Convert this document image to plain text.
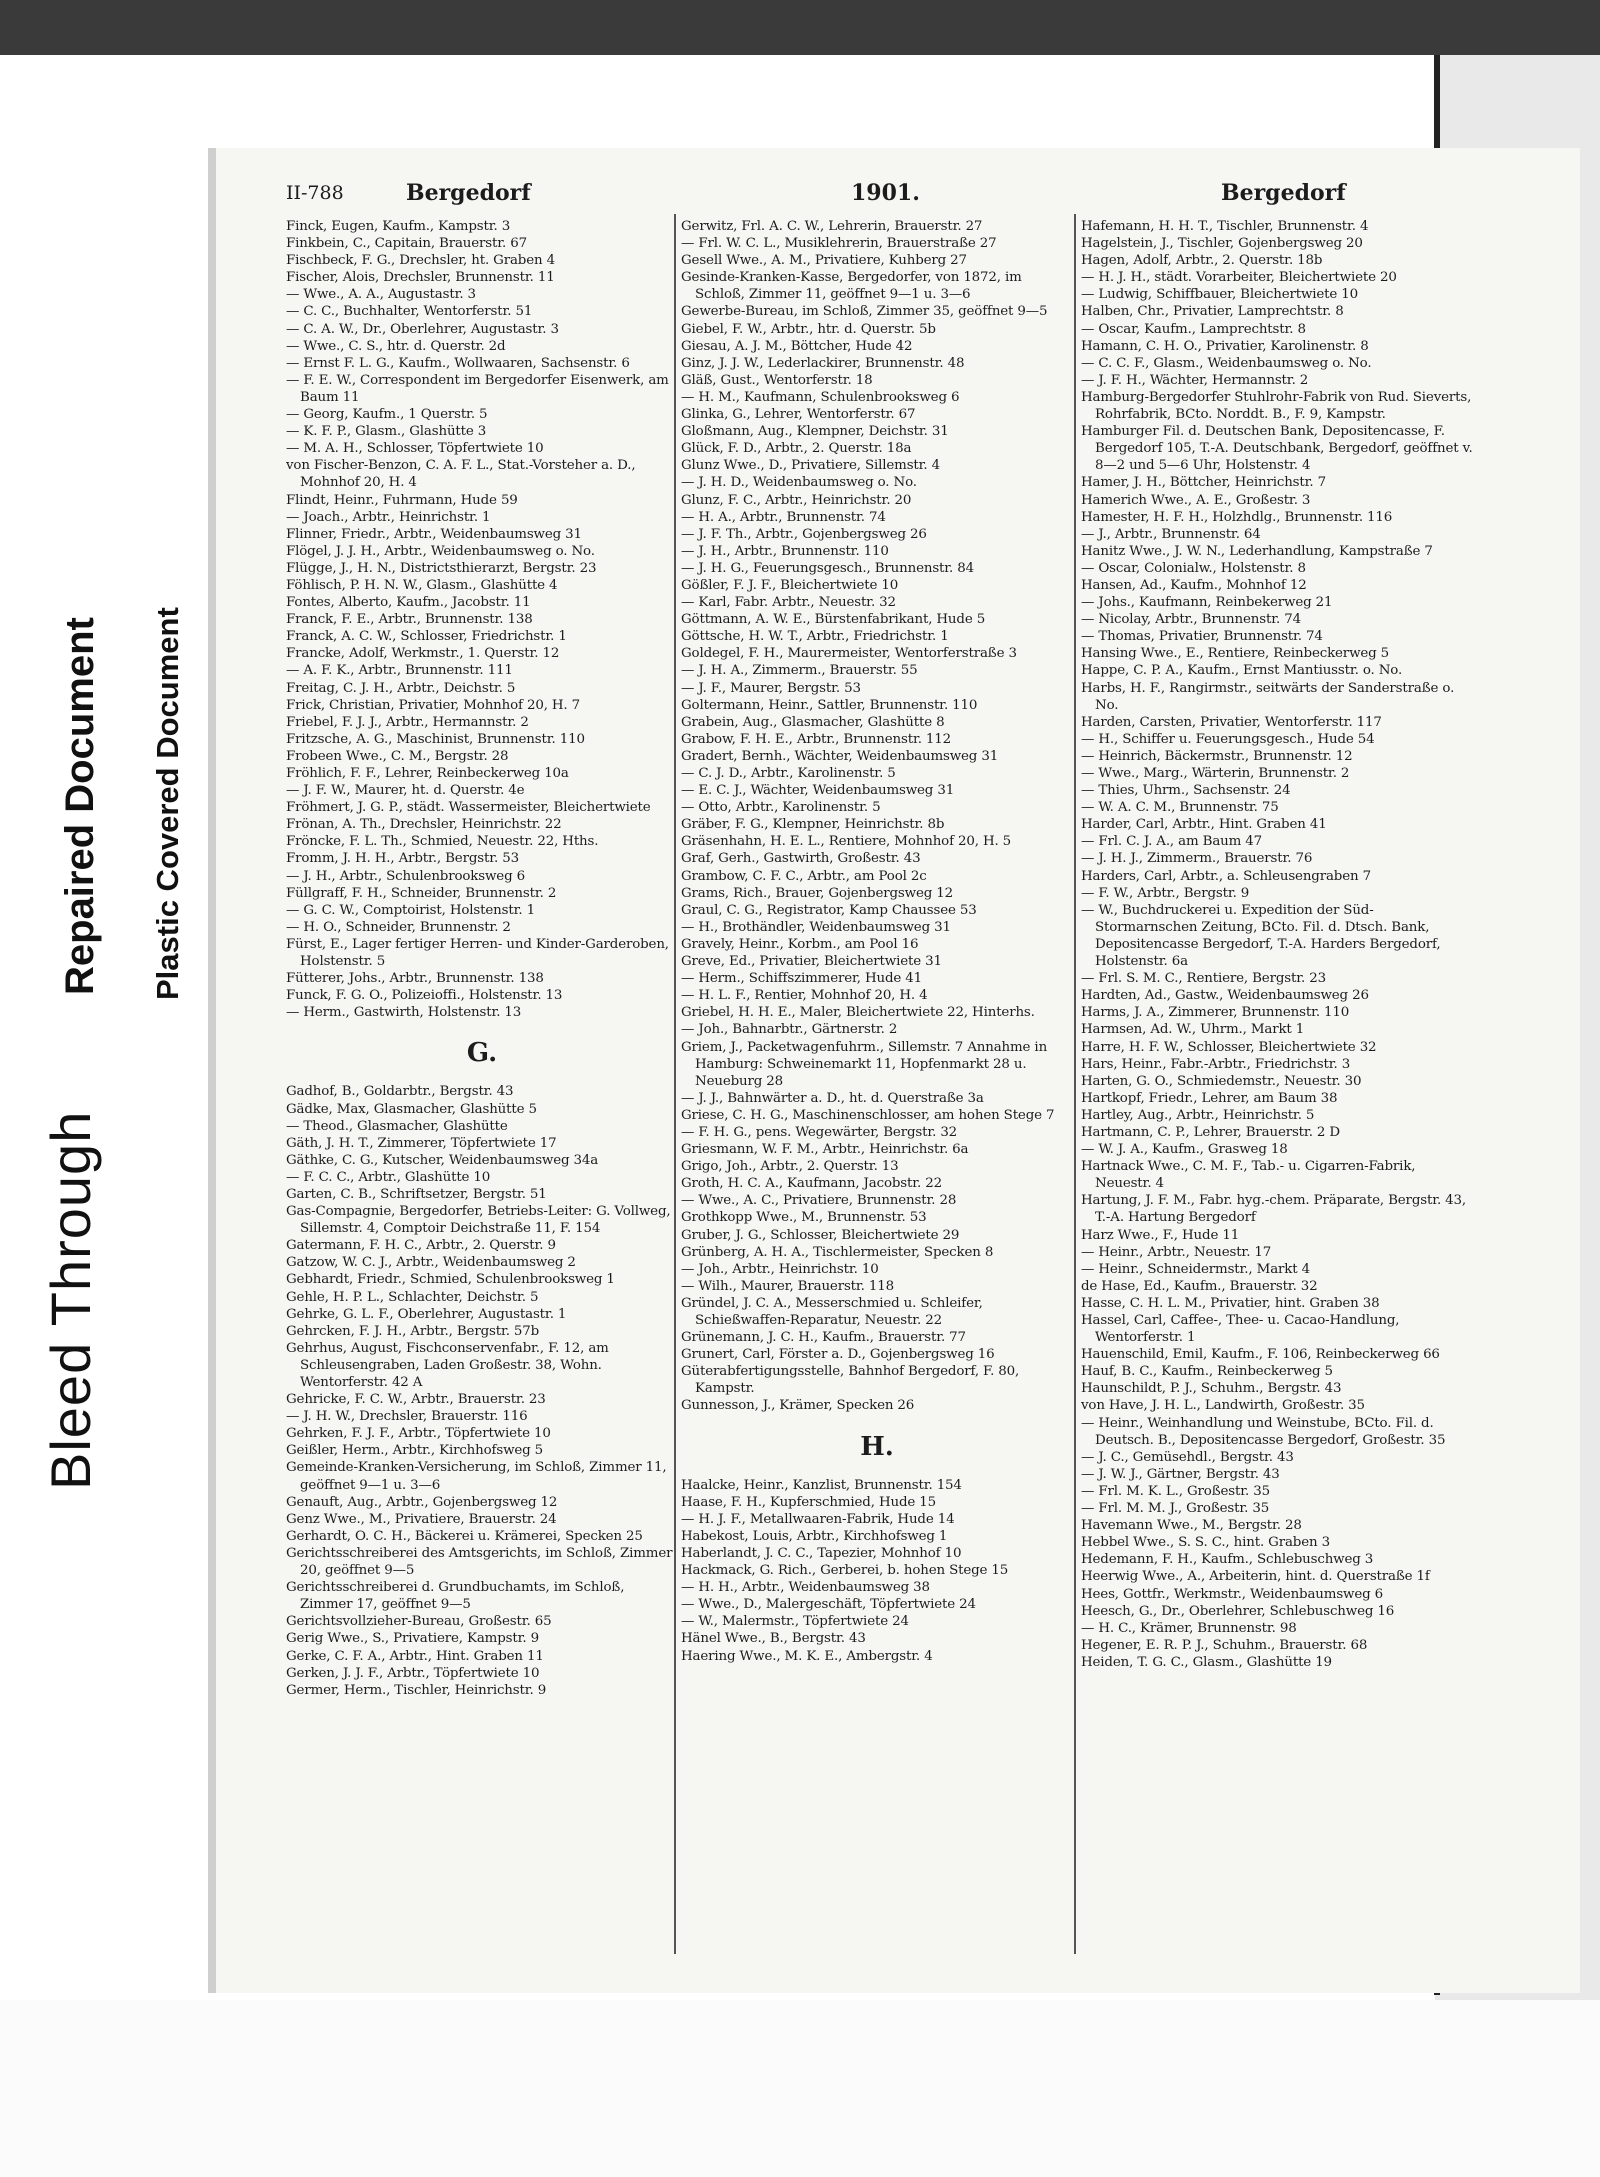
Bleed Through
Repaired Document Plastic Covered Document
II-788	Bergedorf	1901.	Bergedorf
Finck, Eugen, Kaufm., Kampstr. 3
Finkbein, C., Capitain, Brauerstr. 67
Fischbeck, F. G., Drechsler, ht. Graben 4
Fischer, Alois, Drechsler, Brunnenstr. 11
— Wwe., A. A., Augustastr. 3
— C. C., Buchhalter, Wentorferstr. 51
— C. A. W., Dr., Oberlehrer, Augustastr. 3
— Wwe., C. S., htr. d. Querstr. 2d
— Ernst F. L. G., Kaufm., Wollwaaren, Sachsenstr. 6
— F. E. W., Correspondent im Bergedorfer Eisenwerk, am Baum 11
— Georg, Kaufm., 1 Querstr. 5
— K. F. P., Glasm., Glashütte 3
— M. A. H., Schlosser, Töpfertwiete 10
von Fischer-Benzon, C. A. F. L., Stat.-Vorsteher a. D., Mohnhof 20, H. 4
Flindt, Heinr., Fuhrmann, Hude 59
— Joach., Arbtr., Heinrichstr. 1
Flinner, Friedr., Arbtr., Weidenbaumsweg 31
Flögel, J. J. H., Arbtr., Weidenbaumsweg o. No.
Flügge, J., H. N., Districtsthierarzt, Bergstr. 23
Föhlisch, P. H. N. W., Glasm., Glashütte 4
Fontes, Alberto, Kaufm., Jacobstr. 11
Franck, F. E., Arbtr., Brunnenstr. 138
Franck, A. C. W., Schlosser, Friedrichstr. 1
Francke, Adolf, Werkmstr., 1. Querstr. 12
— A. F. K., Arbtr., Brunnenstr. 111
Freitag, C. J. H., Arbtr., Deichstr. 5
Frick, Christian, Privatier, Mohnhof 20, H. 7
Friebel, F. J. J., Arbtr., Hermannstr. 2
Fritzsche, A. G., Maschinist, Brunnenstr. 110
Frobeen Wwe., C. M., Bergstr. 28
Fröhlich, F. F., Lehrer, Reinbeckerweg 10a
— J. F. W., Maurer, ht. d. Querstr. 4e
Fröhmert, J. G. P., städt. Wassermeister, Bleichertwiete
Frönan, A. Th., Drechsler, Heinrichstr. 22
Fröncke, F. L. Th., Schmied, Neuestr. 22, Hths.
Fromm, J. H. H., Arbtr., Bergstr. 53
— J. H., Arbtr., Schulenbrooksweg 6
Füllgraff, F. H., Schneider, Brunnenstr. 2
— G. C. W., Comptoirist, Holstenstr. 1
— H. O., Schneider, Brunnenstr. 2
Fürst, E., Lager fertiger Herren- und Kinder-Garderoben, Holstenstr. 5
Fütterer, Johs., Arbtr., Brunnenstr. 138
Funck, F. G. O., Polizeioffi., Holstenstr. 13
— Herm., Gastwirth, Holstenstr. 13
G.
Gadhof, B., Goldarbtr., Bergstr. 43
Gädke, Max, Glasmacher, Glashütte 5
— Theod., Glasmacher, Glashütte
Gäth, J. H. T., Zimmerer, Töpfertwiete 17
Gäthke, C. G., Kutscher, Weidenbaumsweg 34a
— F. C. C., Arbtr., Glashütte 10
Garten, C. B., Schriftsetzer, Bergstr. 51
Gas-Compagnie, Bergedorfer, Betriebs-Leiter: G. Vollweg, Sillemstr. 4, Comptoir Deichstraße 11, F. 154
Gatermann, F. H. C., Arbtr., 2. Querstr. 9
Gatzow, W. C. J., Arbtr., Weidenbaumsweg 2
Gebhardt, Friedr., Schmied, Schulenbrooksweg 1
Gehle, H. P. L., Schlachter, Deichstr. 5
Gehrke, G. L. F., Oberlehrer, Augustastr. 1
Gehrcken, F. J. H., Arbtr., Bergstr. 57b
Gehrhus, August, Fischconservenfabr., F. 12, am Schleusengraben, Laden Großestr. 38, Wohn. Wentorferstr. 42 A
Gehricke, F. C. W., Arbtr., Brauerstr. 23
— J. H. W., Drechsler, Brauerstr. 116
Gehrken, F. J. F., Arbtr., Töpfertwiete 10
Geißler, Herm., Arbtr., Kirchhofsweg 5
Gemeinde-Kranken-Versicherung, im Schloß, Zimmer 11, geöffnet 9—1 u. 3—6
Genauft, Aug., Arbtr., Gojenbergsweg 12
Genz Wwe., M., Privatiere, Brauerstr. 24
Gerhardt, O. C. H., Bäckerei u. Krämerei, Specken 25
Gerichtsschreiberei des Amtsgerichts, im Schloß, Zimmer 20, geöffnet 9—5
Gerichtsschreiberei d. Grundbuchamts, im Schloß, Zimmer 17, geöffnet 9—5
Gerichtsvollzieher-Bureau, Großestr. 65
Gerig Wwe., S., Privatiere, Kampstr. 9
Gerke, C. F. A., Arbtr., Hint. Graben 11
Gerken, J. J. F., Arbtr., Töpfertwiete 10
Germer, Herm., Tischler, Heinrichstr. 9
Gerwitz, Frl. A. C. W., Lehrerin, Brauerstr. 27
— Frl. W. C. L., Musiklehrerin, Brauerstraße 27
Gesell Wwe., A. M., Privatiere, Kuhberg 27
Gesinde-Kranken-Kasse, Bergedorfer, von 1872, im Schloß, Zimmer 11, geöffnet 9—1 u. 3—6
Gewerbe-Bureau, im Schloß, Zimmer 35, geöffnet 9—5
Giebel, F. W., Arbtr., htr. d. Querstr. 5b
Giesau, A. J. M., Böttcher, Hude 42
Ginz, J. J. W., Lederlackirer, Brunnenstr. 48
Gläß, Gust., Wentorferstr. 18
— H. M., Kaufmann, Schulenbrooksweg 6
Glinka, G., Lehrer, Wentorferstr. 67
Gloßmann, Aug., Klempner, Deichstr. 31
Glück, F. D., Arbtr., 2. Querstr. 18a
Glunz Wwe., D., Privatiere, Sillemstr. 4
— J. H. D., Weidenbaumsweg o. No.
Glunz, F. C., Arbtr., Heinrichstr. 20
— H. A., Arbtr., Brunnenstr. 74
— J. F. Th., Arbtr., Gojenbergsweg 26
— J. H., Arbtr., Brunnenstr. 110
— J. H. G., Feuerungsgesch., Brunnenstr. 84
Gößler, F. J. F., Bleichertwiete 10
— Karl, Fabr. Arbtr., Neuestr. 32
Göttmann, A. W. E., Bürstenfabrikant, Hude 5
Göttsche, H. W. T., Arbtr., Friedrichstr. 1
Goldegel, F. H., Maurermeister, Wentorferstraße 3
— J. H. A., Zimmerm., Brauerstr. 55
— J. F., Maurer, Bergstr. 53
Goltermann, Heinr., Sattler, Brunnenstr. 110
Grabein, Aug., Glasmacher, Glashütte 8
Grabow, F. H. E., Arbtr., Brunnenstr. 112
Gradert, Bernh., Wächter, Weidenbaumsweg 31
— C. J. D., Arbtr., Karolinenstr. 5
— E. C. J., Wächter, Weidenbaumsweg 31
— Otto, Arbtr., Karolinenstr. 5
Gräber, F. G., Klempner, Heinrichstr. 8b
Gräsenhahn, H. E. L., Rentiere, Mohnhof 20, H. 5
Graf, Gerh., Gastwirth, Großestr. 43
Grambow, C. F. C., Arbtr., am Pool 2c
Grams, Rich., Brauer, Gojenbergsweg 12
Graul, C. G., Registrator, Kamp Chaussee 53
— H., Brothändler, Weidenbaumsweg 31
Gravely, Heinr., Korbm., am Pool 16
Greve, Ed., Privatier, Bleichertwiete 31
— Herm., Schiffszimmerer, Hude 41
— H. L. F., Rentier, Mohnhof 20, H. 4
Griebel, H. H. E., Maler, Bleichertwiete 22, Hinterhs.
— Joh., Bahnarbtr., Gärtnerstr. 2
Griem, J., Packetwagenfuhrm., Sillemstr. 7 Annahme in Hamburg: Schweinemarkt 11, Hopfenmarkt 28 u. Neueburg 28
— J. J., Bahnwärter a. D., ht. d. Querstraße 3a
Griese, C. H. G., Maschinenschlosser, am hohen Stege 7
— F. H. G., pens. Wegewärter, Bergstr. 32
Griesmann, W. F. M., Arbtr., Heinrichstr. 6a
Grigo, Joh., Arbtr., 2. Querstr. 13
Groth, H. C. A., Kaufmann, Jacobstr. 22
— Wwe., A. C., Privatiere, Brunnenstr. 28
Grothkopp Wwe., M., Brunnenstr. 53
Gruber, J. G., Schlosser, Bleichertwiete 29
Grünberg, A. H. A., Tischlermeister, Specken 8
— Joh., Arbtr., Heinrichstr. 10
— Wilh., Maurer, Brauerstr. 118
Gründel, J. C. A., Messerschmied u. Schleifer, Schießwaffen-Reparatur, Neuestr. 22
Grünemann, J. C. H., Kaufm., Brauerstr. 77
Grunert, Carl, Förster a. D., Gojenbergsweg 16
Güterabfertigungsstelle, Bahnhof Bergedorf, F. 80, Kampstr.
Gunnesson, J., Krämer, Specken 26
H.
Haalcke, Heinr., Kanzlist, Brunnenstr. 154
Haase, F. H., Kupferschmied, Hude 15
— H. J. F., Metallwaaren-Fabrik, Hude 14
Habekost, Louis, Arbtr., Kirchhofsweg 1
Haberlandt, J. C. C., Tapezier, Mohnhof 10
Hackmack, G. Rich., Gerberei, b. hohen Stege 15
— H. H., Arbtr., Weidenbaumsweg 38
— Wwe., D., Malergeschäft, Töpfertwiete 24
— W., Malermstr., Töpfertwiete 24
Hänel Wwe., B., Bergstr. 43
Haering Wwe., M. K. E., Ambergstr. 4
Hafemann, H. H. T., Tischler, Brunnenstr. 4
Hagelstein, J., Tischler, Gojenbergsweg 20
Hagen, Adolf, Arbtr., 2. Querstr. 18b
— H. J. H., städt. Vorarbeiter, Bleichertwiete 20
— Ludwig, Schiffbauer, Bleichertwiete 10
Halben, Chr., Privatier, Lamprechtstr. 8
— Oscar, Kaufm., Lamprechtstr. 8
Hamann, C. H. O., Privatier, Karolinenstr. 8
— C. C. F., Glasm., Weidenbaumsweg o. No.
— J. F. H., Wächter, Hermannstr. 2
Hamburg-Bergedorfer Stuhlrohr-Fabrik von Rud. Sieverts, Rohrfabrik, BCto. Norddt. B., F. 9, Kampstr.
Hamburger Fil. d. Deutschen Bank, Depositencasse, F. Bergedorf 105, T.-A. Deutschbank, Bergedorf, geöffnet v. 8—2 und 5—6 Uhr, Holstenstr. 4
Hamer, J. H., Böttcher, Heinrichstr. 7
Hamerich Wwe., A. E., Großestr. 3
Hamester, H. F. H., Holzhdlg., Brunnenstr. 116
— J., Arbtr., Brunnenstr. 64
Hanitz Wwe., J. W. N., Lederhandlung, Kampstraße 7
— Oscar, Colonialw., Holstenstr. 8
Hansen, Ad., Kaufm., Mohnhof 12
— Johs., Kaufmann, Reinbekerweg 21
— Nicolay, Arbtr., Brunnenstr. 74
— Thomas, Privatier, Brunnenstr. 74
Hansing Wwe., E., Rentiere, Reinbeckerweg 5
Happe, C. P. A., Kaufm., Ernst Mantiusstr. o. No.
Harbs, H. F., Rangirmstr., seitwärts der Sanderstraße o. No.
Harden, Carsten, Privatier, Wentorferstr. 117
— H., Schiffer u. Feuerungsgesch., Hude 54
— Heinrich, Bäckermstr., Brunnenstr. 12
— Wwe., Marg., Wärterin, Brunnenstr. 2
— Thies, Uhrm., Sachsenstr. 24
— W. A. C. M., Brunnenstr. 75
Harder, Carl, Arbtr., Hint. Graben 41
— Frl. C. J. A., am Baum 47
— J. H. J., Zimmerm., Brauerstr. 76
Harders, Carl, Arbtr., a. Schleusengraben 7
— F. W., Arbtr., Bergstr. 9
— W., Buchdruckerei u. Expedition der Süd-Stormarnschen Zeitung, BCto. Fil. d. Dtsch. Bank, Depositencasse Bergedorf, T.-A. Harders Bergedorf, Holstenstr. 6a
— Frl. S. M. C., Rentiere, Bergstr. 23
Hardten, Ad., Gastw., Weidenbaumsweg 26
Harms, J. A., Zimmerer, Brunnenstr. 110
Harmsen, Ad. W., Uhrm., Markt 1
Harre, H. F. W., Schlosser, Bleichertwiete 32
Hars, Heinr., Fabr.-Arbtr., Friedrichstr. 3
Harten, G. O., Schmiedemstr., Neuestr. 30
Hartkopf, Friedr., Lehrer, am Baum 38
Hartley, Aug., Arbtr., Heinrichstr. 5
Hartmann, C. P., Lehrer, Brauerstr. 2 D
— W. J. A., Kaufm., Grasweg 18
Hartnack Wwe., C. M. F., Tab.- u. Cigarren-Fabrik, Neuestr. 4
Hartung, J. F. M., Fabr. hyg.-chem. Präparate, Bergstr. 43, T.-A. Hartung Bergedorf
Harz Wwe., F., Hude 11
— Heinr., Arbtr., Neuestr. 17
— Heinr., Schneidermstr., Markt 4
de Hase, Ed., Kaufm., Brauerstr. 32
Hasse, C. H. L. M., Privatier, hint. Graben 38
Hassel, Carl, Caffee-, Thee- u. Cacao-Handlung, Wentorferstr. 1
Hauenschild, Emil, Kaufm., F. 106, Reinbeckerweg 66
Hauf, B. C., Kaufm., Reinbeckerweg 5
Haunschildt, P. J., Schuhm., Bergstr. 43
von Have, J. H. L., Landwirth, Großestr. 35
— Heinr., Weinhandlung und Weinstube, BCto. Fil. d. Deutsch. B., Depositencasse Bergedorf, Großestr. 35
— J. C., Gemüsehdl., Bergstr. 43
— J. W. J., Gärtner, Bergstr. 43
— Frl. M. K. L., Großestr. 35
— Frl. M. M. J., Großestr. 35
Havemann Wwe., M., Bergstr. 28
Hebbel Wwe., S. S. C., hint. Graben 3
Hedemann, F. H., Kaufm., Schlebuschweg 3
Heerwig Wwe., A., Arbeiterin, hint. d. Querstraße 1f
Hees, Gottfr., Werkmstr., Weidenbaumsweg 6
Heesch, G., Dr., Oberlehrer, Schlebuschweg 16
— H. C., Krämer, Brunnenstr. 98
Hegener, E. R. P. J., Schuhm., Brauerstr. 68
Heiden, T. G. C., Glasm., Glashütte 19
